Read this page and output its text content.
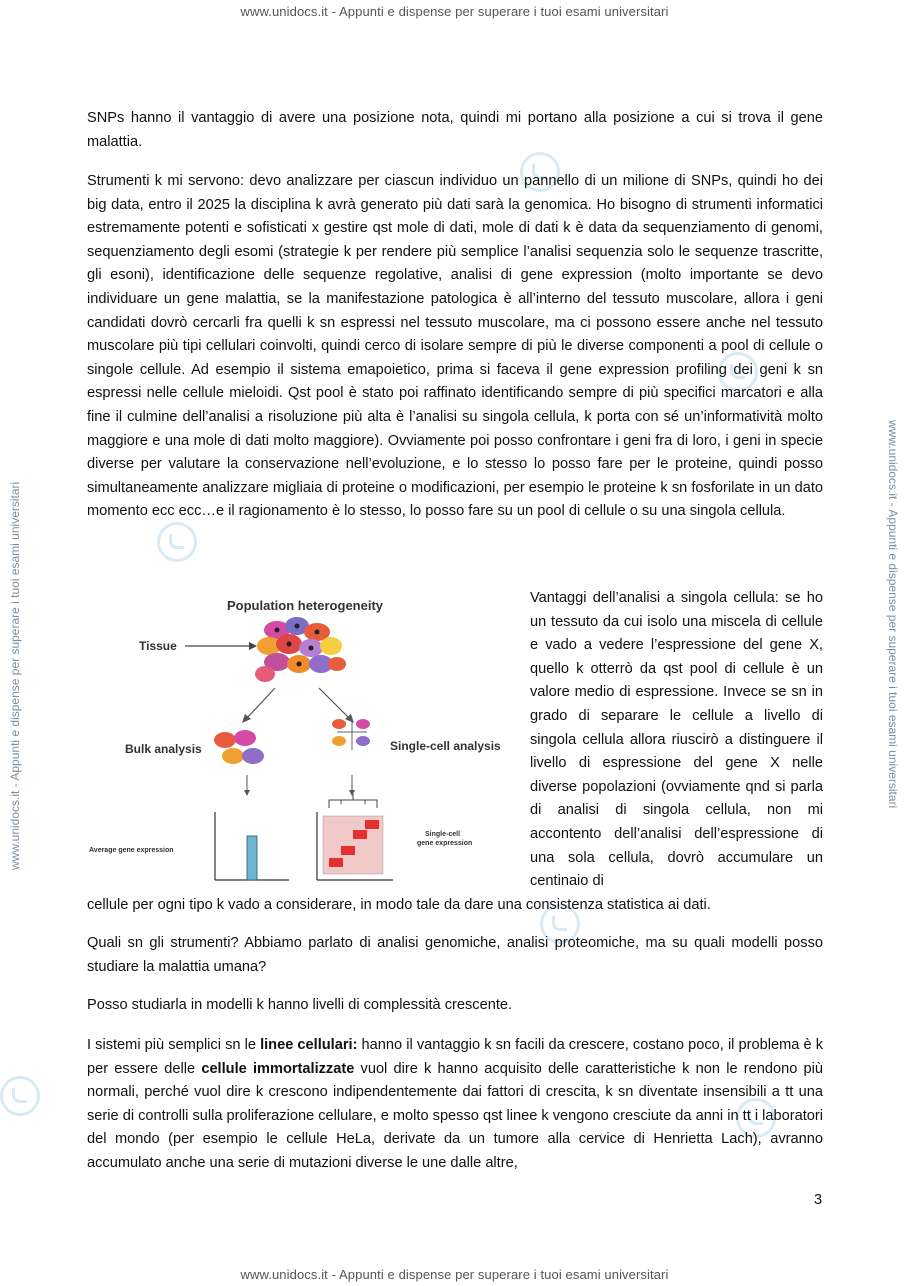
www.unidocs.it - Appunti e dispense per superare i tuoi esami universitari
www.unidocs.it - Appunti e dispense per superare i tuoi esami universitari
www.unidocs.it - Appunti e dispense per superare i tuoi esami universitari	www.unidocs.it - Appunti e dispense per superare i tuoi esami universitari

SNPs hanno il vantaggio di avere una posizione nota, quindi mi portano alla posizione a cui si trova il gene malattia.

Strumenti k mi servono: devo analizzare per ciascun individuo un pannello di un milione di SNPs, quindi ho dei big data, entro il 2025 la disciplina k avrà generato più dati sarà la genomica. Ho bisogno di strumenti informatici estremamente potenti e sofisticati x gestire qst mole di dati, mole di dati k è data da sequenziamento di genomi, sequenziamento degli esomi (strategie k per rendere più semplice l’analisi sequenzia solo le sequenze trascritte, gli esoni), identificazione delle sequenze regolative, analisi di gene expression (molto importante se devo individuare un gene malattia, se la manifestazione patologica è all’interno del tessuto muscolare, allora i geni candidati dovrò cercarli fra quelli k sn espressi nel tessuto muscolare, ma ci possono essere anche nel tessuto muscolare più tipi cellulari coinvolti, quindi cerco di isolare sempre di più le diverse componenti a pool di cellule o singole cellule. Ad esempio il sistema emapoietico, prima si faceva il gene expression profiling dei geni k sn espressi nelle cellule mieloidi. Qst pool è stato poi raffinato identificando sempre di più specifici marcatori e alla fine il culmine dell’analisi a risoluzione più alta è l’analisi su singola cellula, k porta con sé un’informatività molto maggiore e una mole di dati molto maggiore). Ovviamente poi posso confrontare i geni fra di loro, i geni in specie diverse per valutare la conservazione nell’evoluzione, e lo stesso lo posso fare per le proteine, quindi posso simultaneamente analizzare migliaia di proteine o modificazioni, per esempio le proteine k sn fosforilate in un dato momento ecc ecc…e il ragionamento è lo stesso, lo posso fare su un pool di cellule o su una singola cellula.

Population heterogeneity
Tissue
Bulk analysis	Single-cell analysis
Average gene expression
Single-cell
gene expression

Vantaggi dell’analisi a singola cellula: se ho un tessuto da cui isolo una miscela di cellule e vado a vedere l’espressione del gene X, quello k otterrò da qst pool di cellule è un valore medio di espressione. Invece se sn in grado di separare le cellule a livello di singola cellula allora riuscirò a distinguere il livello di espressione del gene X nelle diverse popolazioni (ovviamente qnd si parla di analisi di singola cellula, non mi accontento dell’analisi dell’espressione di una sola cellula, dovrò accumulare un centinaio di

cellule per ogni tipo k vado a considerare, in modo tale da dare una consistenza statistica ai dati.

Quali sn gli strumenti? Abbiamo parlato di analisi genomiche, analisi proteomiche, ma su quali modelli posso studiare la malattia umana?

Posso studiarla in modelli k hanno livelli di complessità crescente.

I sistemi più semplici sn le linee cellulari: hanno il vantaggio k sn facili da crescere, costano poco, il problema è k per essere delle cellule immortalizzate vuol dire k hanno acquisito delle caratteristiche k non le rendono più normali, perché vuol dire k crescono indipendentemente dai fattori di crescita, k sn diventate insensibili a tt una serie di controlli sulla proliferazione cellulare, e molto spesso qst linee k vengono cresciute da anni in tt i laboratori del mondo (per esempio le cellule HeLa, derivate da un tumore alla cervice di Henrietta Lach), avranno accumulato anche una serie di mutazioni diverse le une dalle altre,

3
